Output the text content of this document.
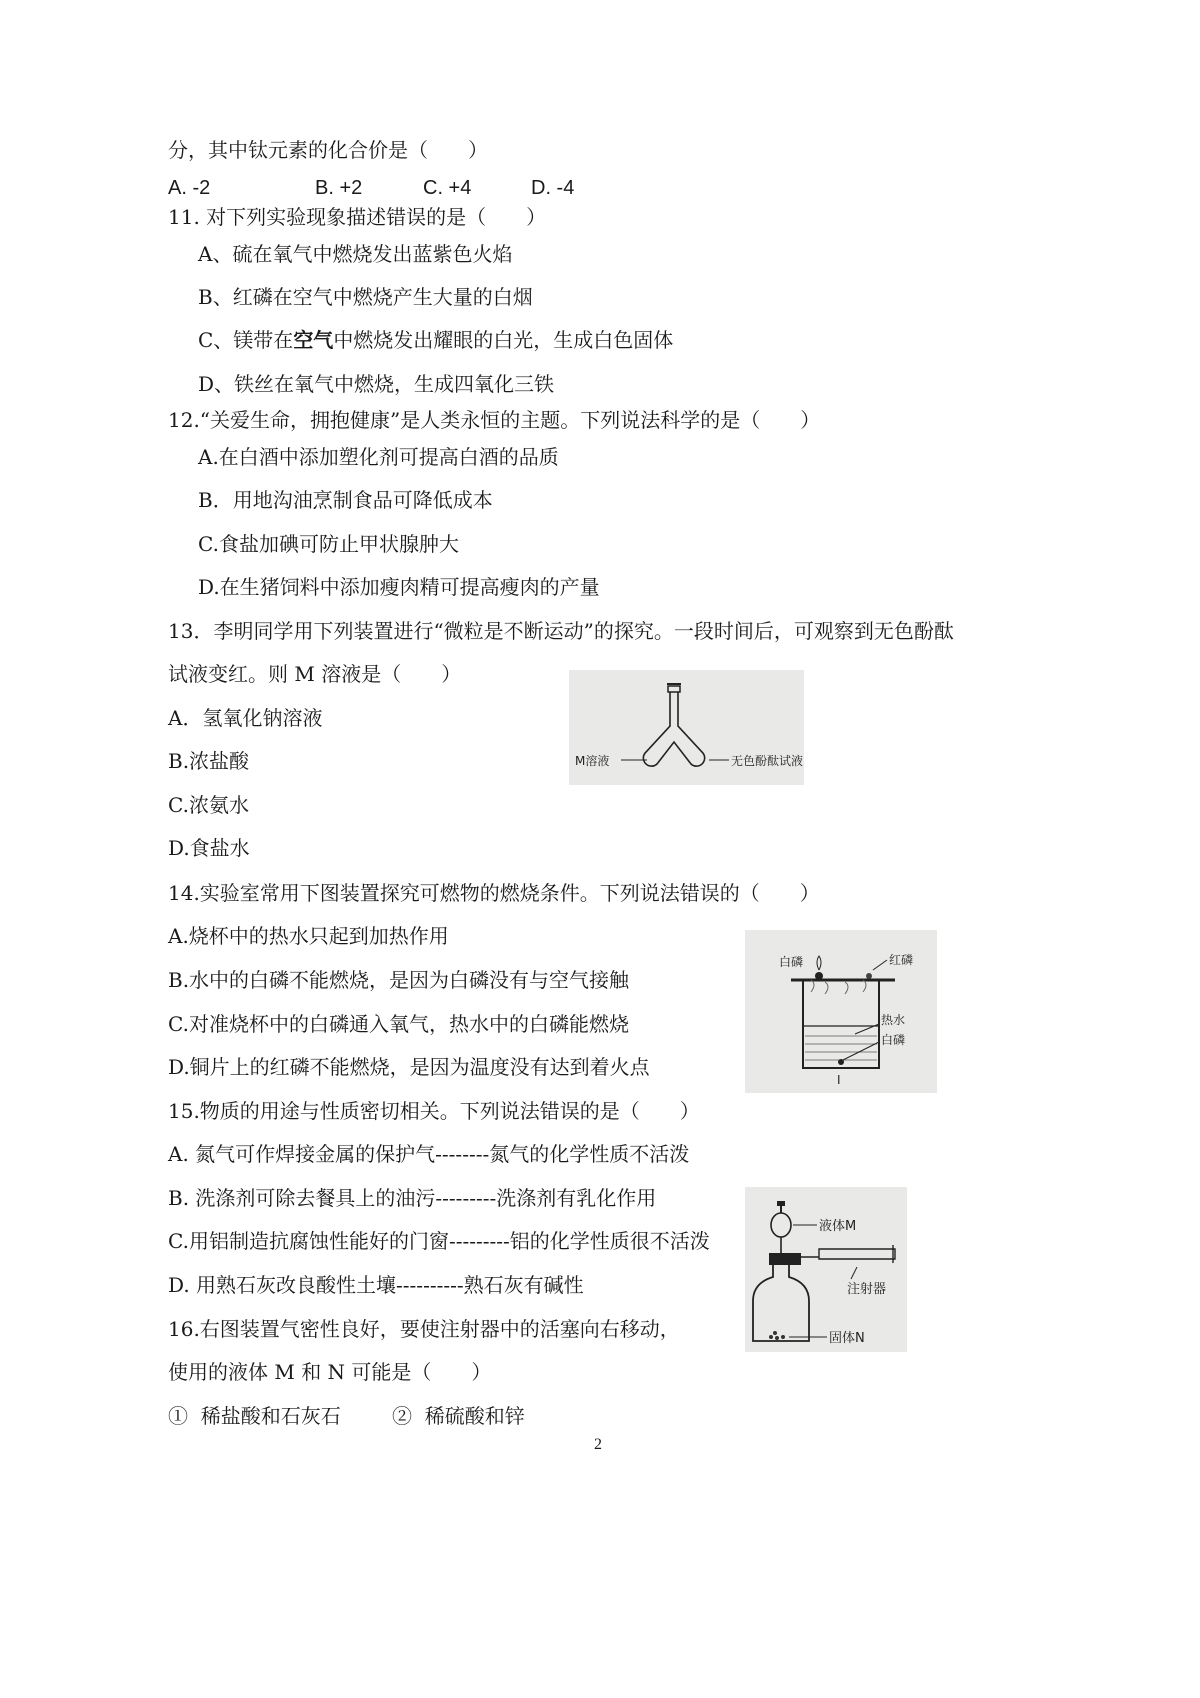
分，其中钛元素的化合价是（　　）
A. -2	B. +2	C. +4	D. -4
11. 对下列实验现象描述错误的是（　　）
A、硫在氧气中燃烧发出蓝紫色火焰
B、红磷在空气中燃烧产生大量的白烟
C、镁带在空气中燃烧发出耀眼的白光，生成白色固体
D、铁丝在氧气中燃烧，生成四氧化三铁
12.“关爱生命，拥抱健康”是人类永恒的主题。下列说法科学的是（　　）
A.在白酒中添加塑化剂可提高白酒的品质
B．用地沟油烹制食品可降低成本
C.食盐加碘可防止甲状腺肿大
D.在生猪饲料中添加瘦肉精可提高瘦肉的产量
13．李明同学用下列装置进行“微粒是不断运动”的探究。一段时间后，可观察到无色酚酞
试液变红。则 M 溶液是（　　）
A．氢氧化钠溶液
B.浓盐酸
C.浓氨水
D.食盐水
M溶液	无色酚酞试液
14.实验室常用下图装置探究可燃物的燃烧条件。下列说法错误的（　　）
A.烧杯中的热水只起到加热作用
B.水中的白磷不能燃烧，是因为白磷没有与空气接触
C.对准烧杯中的白磷通入氧气，热水中的白磷能燃烧
D.铜片上的红磷不能燃烧，是因为温度没有达到着火点
白磷	红磷
热水
白磷
I
15.物质的用途与性质密切相关。下列说法错误的是（　　）
A. 氮气可作焊接金属的保护气--------氮气的化学性质不活泼
B. 洗涤剂可除去餐具上的油污---------洗涤剂有乳化作用
C.用铝制造抗腐蚀性能好的门窗---------铝的化学性质很不活泼
D. 用熟石灰改良酸性土壤----------熟石灰有碱性
16.右图装置气密性良好，要使注射器中的活塞向右移动，
使用的液体 M 和 N 可能是（　　）
①  稀盐酸和石灰石	②  稀硫酸和锌
液体M
注射器
固体N
2
